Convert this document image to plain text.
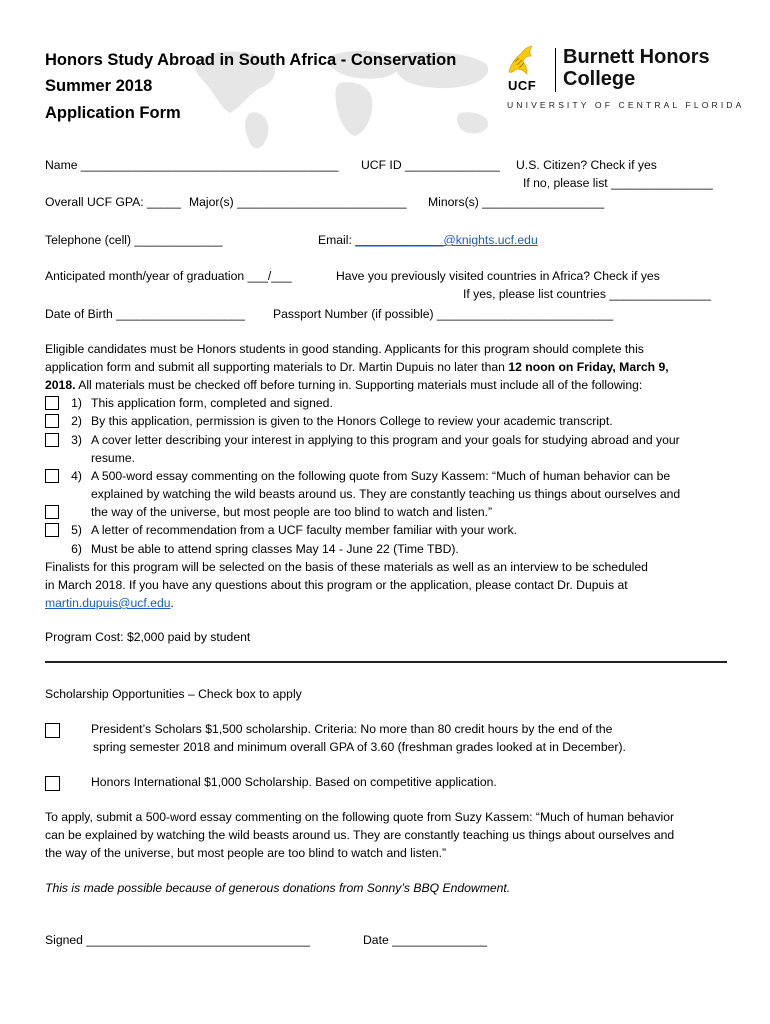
Honors Study Abroad in South Africa - Conservation
Summer 2018
Application Form
UCF
Burnett Honors
College
UNIVERSITY OF CENTRAL FLORIDA
Name ______________________________________ UCF ID ______________ U.S. Citizen? Check if yes
If no, please list _______________
Overall UCF GPA: _____ Major(s) _________________________ Minors(s) __________________
Telephone (cell) _____________	Email: _____________@knights.ucf.edu
Anticipated month/year of graduation ___/___	Have you previously visited countries in Africa? Check if yes
If yes, please list countries _______________
Date of Birth ___________________ Passport Number (if possible) __________________________
Eligible candidates must be Honors students in good standing. Applicants for this program should complete this
application form and submit all supporting materials to Dr. Martin Dupuis no later than 12 noon on Friday, March 9,
2018. All materials must be checked off before turning in. Supporting materials must include all of the following:
1) This application form, completed and signed.
2) By this application, permission is given to the Honors College to review your academic transcript.
3) A cover letter describing your interest in applying to this program and your goals for studying abroad and your
resume.
4) A 500-word essay commenting on the following quote from Suzy Kassem: “Much of human behavior can be
explained by watching the wild beasts around us. They are constantly teaching us things about ourselves and
the way of the universe, but most people are too blind to watch and listen.”
5) A letter of recommendation from a UCF faculty member familiar with your work.
6) Must be able to attend spring classes May 14 - June 22 (Time TBD).
Finalists for this program will be selected on the basis of these materials as well as an interview to be scheduled
in March 2018. If you have any questions about this program or the application, please contact Dr. Dupuis at
martin.dupuis@ucf.edu.
Program Cost: $2,000 paid by student
Scholarship Opportunities – Check box to apply
President’s Scholars $1,500 scholarship. Criteria: No more than 80 credit hours by the end of the
spring semester 2018 and minimum overall GPA of 3.60 (freshman grades looked at in December).
Honors International $1,000 Scholarship. Based on competitive application.
To apply, submit a 500-word essay commenting on the following quote from Suzy Kassem: “Much of human behavior
can be explained by watching the wild beasts around us. They are constantly teaching us things about ourselves and
the way of the universe, but most people are too blind to watch and listen.”
This is made possible because of generous donations from Sonny’s BBQ Endowment.
Signed _________________________________	Date ______________
